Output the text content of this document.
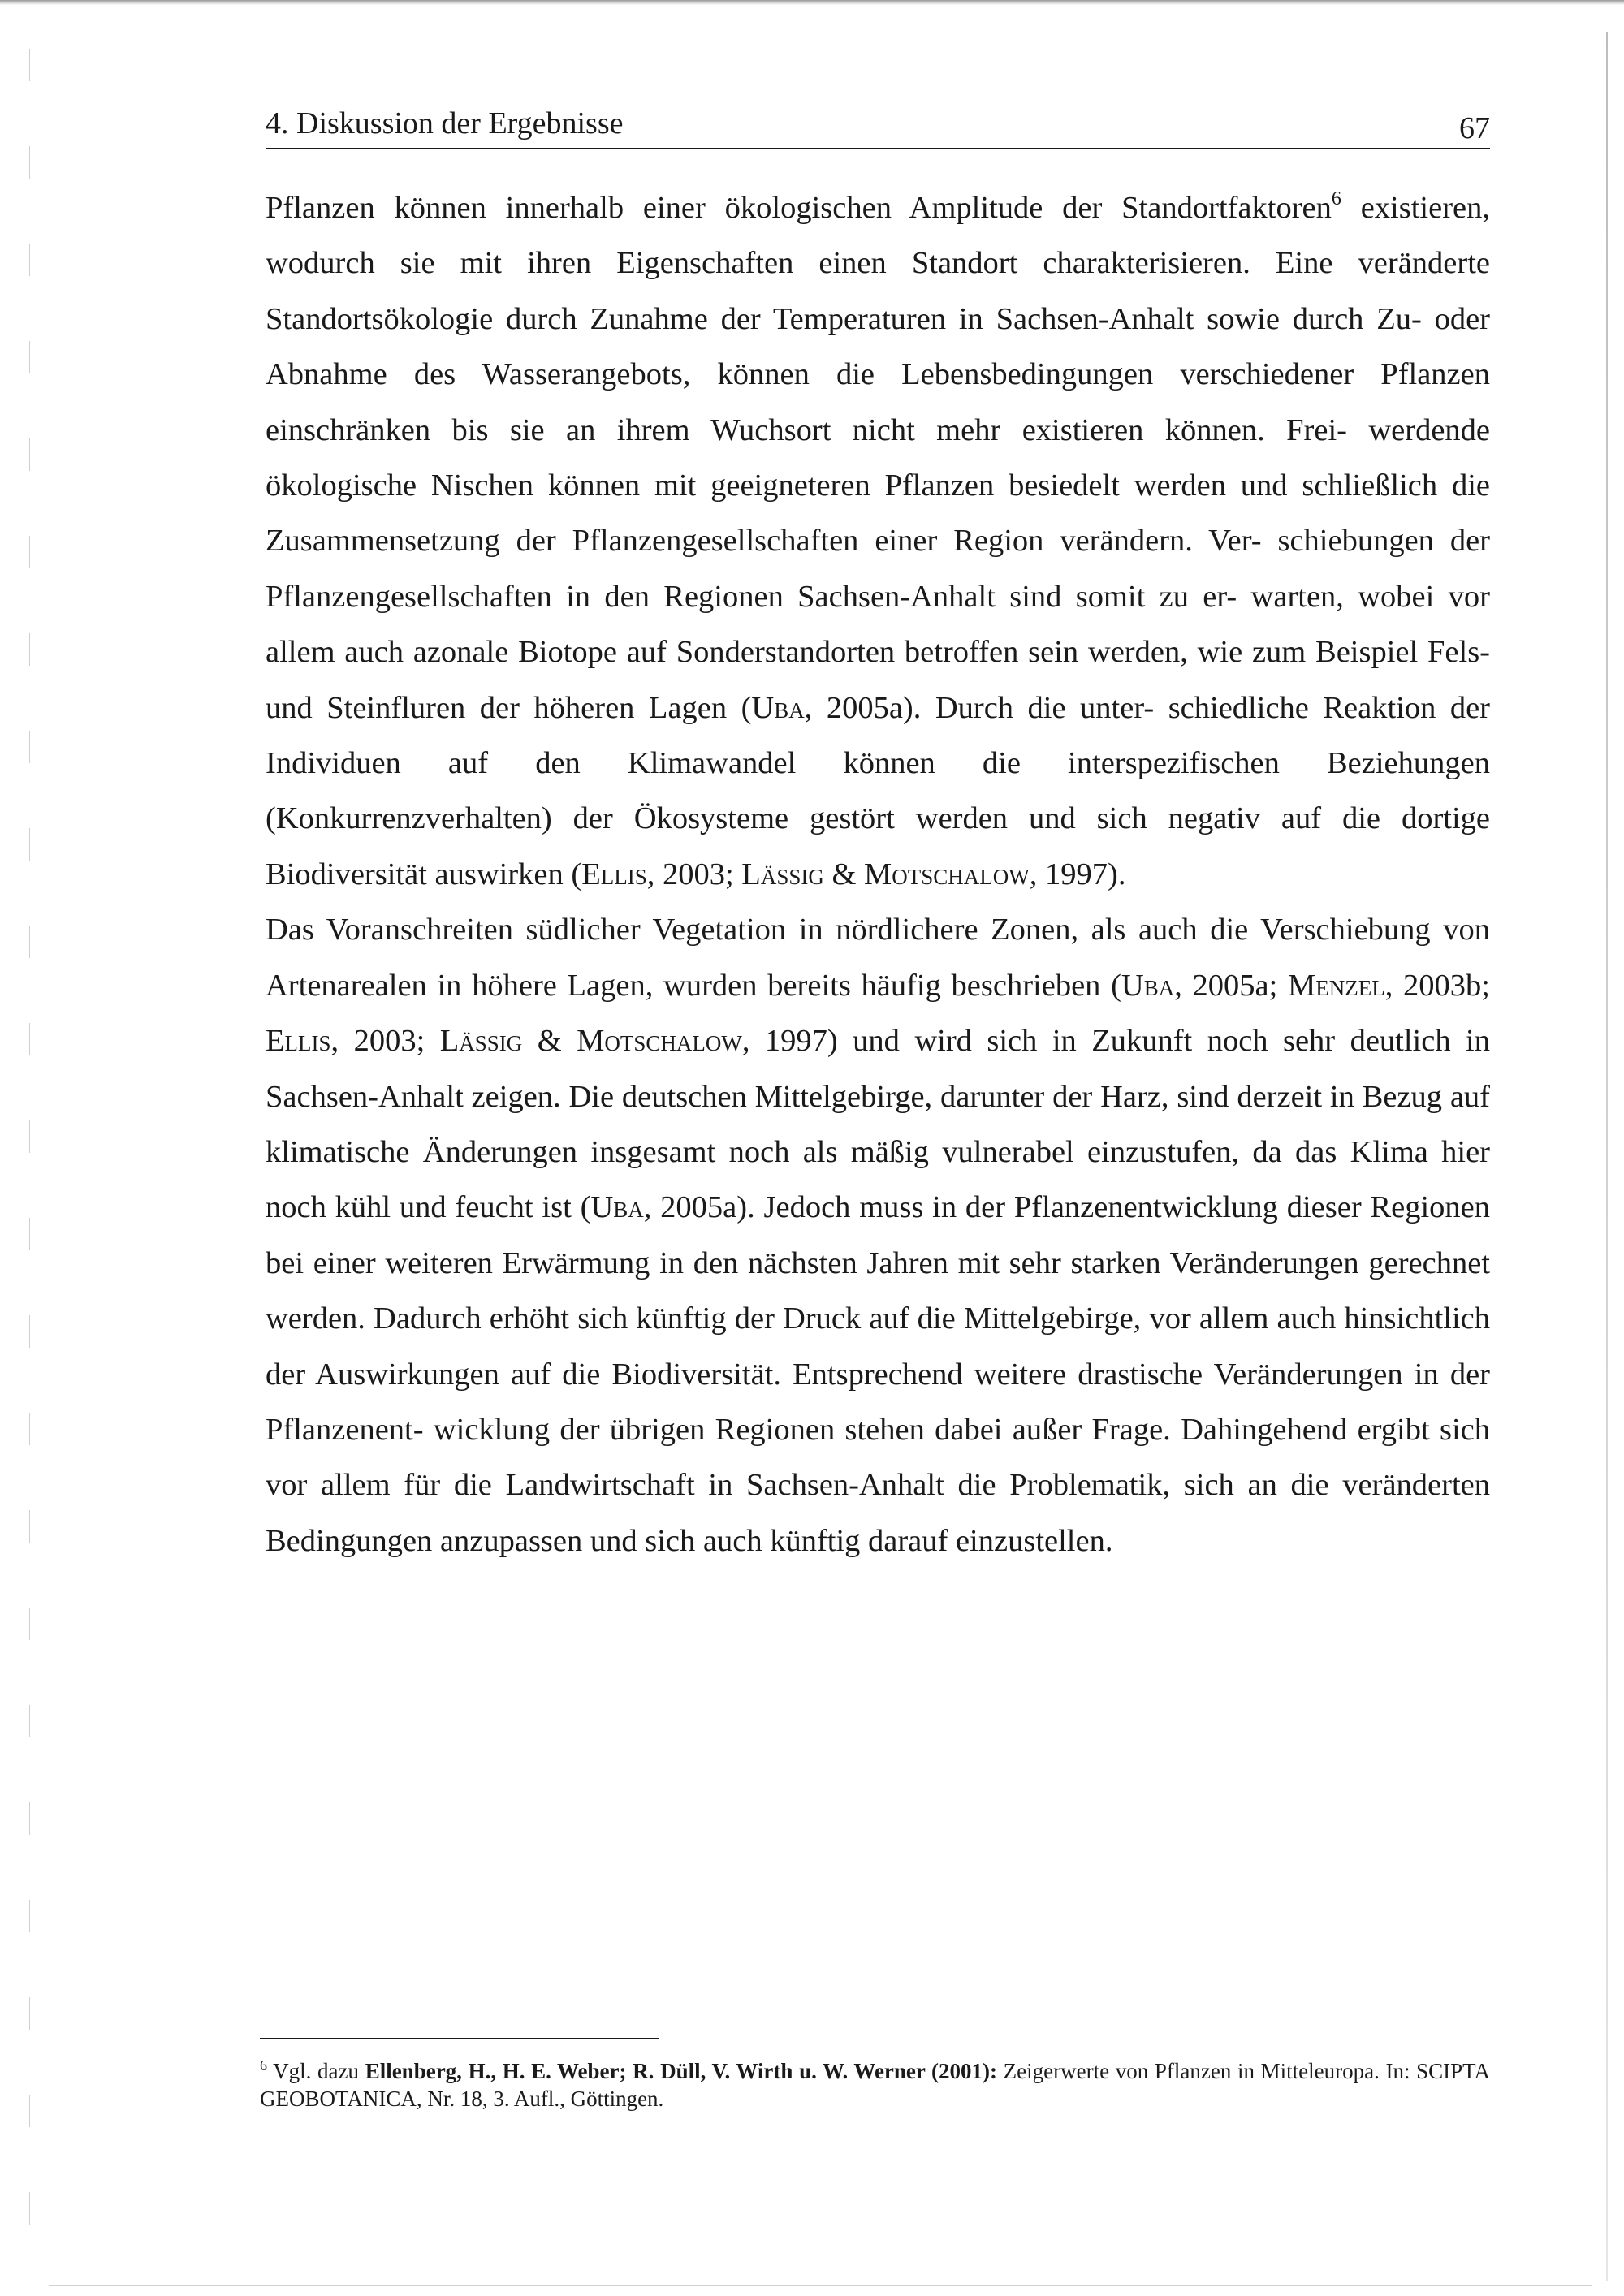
4. Diskussion der Ergebnisse	67

Pflanzen können innerhalb einer ökologischen Amplitude der Standortfaktoren$^6$ existieren, wodurch sie mit ihren Eigenschaften einen Standort charakterisieren. Eine veränderte Standortsökologie durch Zunahme der Temperaturen in Sachsen-Anhalt sowie durch Zu- oder Abnahme des Wasserangebots, können die Lebensbedingungen verschiedener Pflanzen einschränken bis sie an ihrem Wuchsort nicht mehr existieren können. Frei- werdende ökologische Nischen können mit geeigneteren Pflanzen besiedelt werden und schließlich die Zusammensetzung der Pflanzengesellschaften einer Region verändern. Ver- schiebungen der Pflanzengesellschaften in den Regionen Sachsen-Anhalt sind somit zu er- warten, wobei vor allem auch azonale Biotope auf Sonderstandorten betroffen sein werden, wie zum Beispiel Fels- und Steinfluren der höheren Lagen (Uba, 2005a). Durch die unter- schiedliche Reaktion der Individuen auf den Klimawandel können die interspezifischen Beziehungen (Konkurrenzverhalten) der Ökosysteme gestört werden und sich negativ auf die dortige Biodiversität auswirken (Ellis, 2003; Lässig & Motschalow, 1997).

Das Voranschreiten südlicher Vegetation in nördlichere Zonen, als auch die Verschiebung von Artenarealen in höhere Lagen, wurden bereits häufig beschrieben (Uba, 2005a; Menzel, 2003b; Ellis, 2003; Lässig & Motschalow, 1997) und wird sich in Zukunft noch sehr deutlich in Sachsen-Anhalt zeigen. Die deutschen Mittelgebirge, darunter der Harz, sind derzeit in Bezug auf klimatische Änderungen insgesamt noch als mäßig vulnerabel einzustufen, da das Klima hier noch kühl und feucht ist (Uba, 2005a). Jedoch muss in der Pflanzenentwicklung dieser Regionen bei einer weiteren Erwärmung in den nächsten Jahren mit sehr starken Veränderungen gerechnet werden. Dadurch erhöht sich künftig der Druck auf die Mittelgebirge, vor allem auch hinsichtlich der Auswirkungen auf die Biodiversität. Entsprechend weitere drastische Veränderungen in der Pflanzenent- wicklung der übrigen Regionen stehen dabei außer Frage. Dahingehend ergibt sich vor allem für die Landwirtschaft in Sachsen-Anhalt die Problematik, sich an die veränderten Bedingungen anzupassen und sich auch künftig darauf einzustellen.

$^6$ Vgl. dazu Ellenberg, H., H. E. Weber; R. Düll, V. Wirth u. W. Werner (2001): Zeigerwerte von Pflanzen in Mitteleuropa. In: SCIPTA GEOBOTANICA, Nr. 18, 3. Aufl., Göttingen.
